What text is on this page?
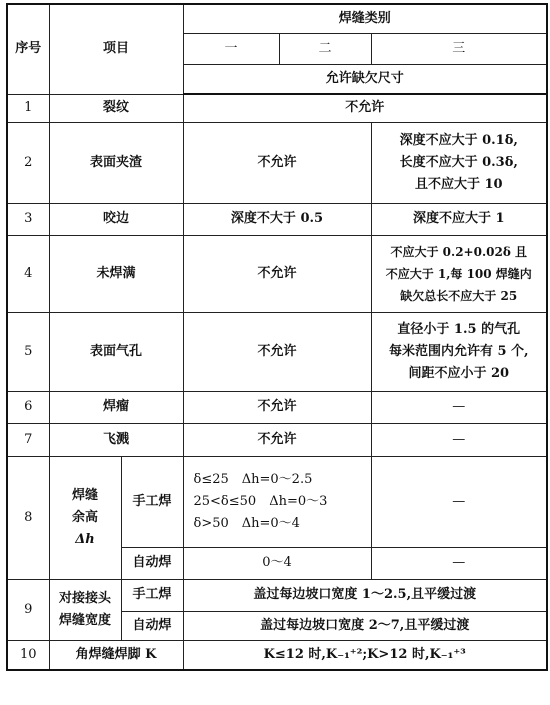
序号	项目		焊缝类别		
			一	二	三
			允许缺欠尺寸		
1	裂纹		不允许		
2	表面夹渣		不允许		深度不应大于 0.1δ,
长度不应大于 0.3δ,
且不应大于 10

3	咬边		深度不大于 0.5		深度不应大于 1
4	未焊满		不允许		不应大于 0.2+0.02δ 且
不应大于 1,每 100 焊缝内
缺欠总长不应大于 25

5	表面气孔		不允许		直径小于 1.5 的气孔
每米范围内允许有 5 个,
间距不应小于 20

6	焊瘤		不允许		—
7	飞溅		不允许		—
8	焊缝
余高
Δh	手工焊	δ≤25　Δh=0～2.5
25<δ≤50　Δh=0～3
δ>50　Δh=0～4		—
		自动焊	0～4		—
9	对接接头
焊缝宽度	手工焊	盖过每边坡口宽度 1～2.5,且平缓过渡		
		自动焊	盖过每边坡口宽度 2～7,且平缓过渡		
10	角焊缝焊脚 K		K≤12 时,K₋₁⁺²;K>12 时,K₋₁⁺³		
